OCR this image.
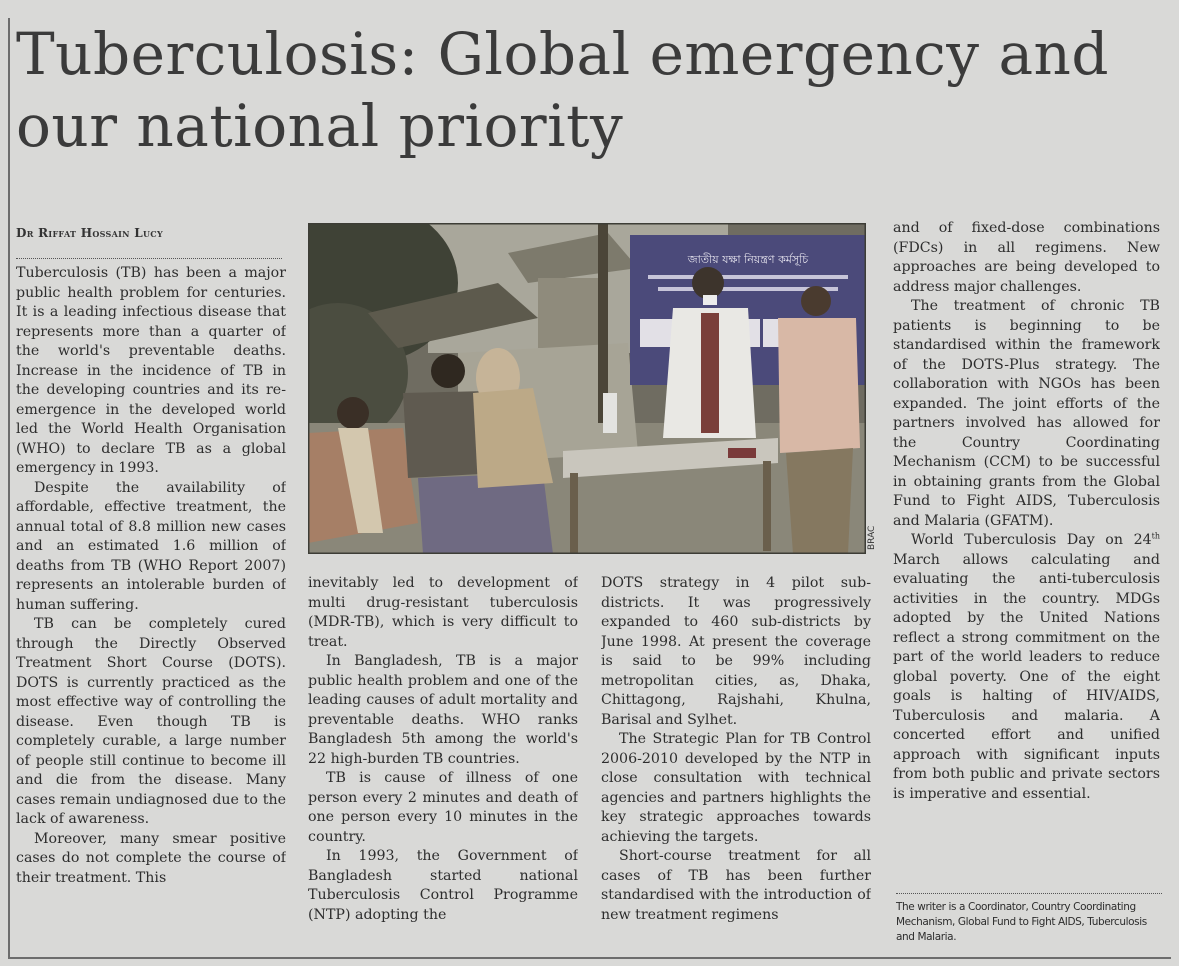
Tuberculosis: Global emergency and our national priority
Dr Riffat Hossain Lucy

Tuberculosis (TB) has been a major public health problem for centuries. It is a leading infectious disease that represents more than a quarter of the world's preventable deaths. Increase in the incidence of TB in the developing countries and its re-emergence in the developed world led the World Health Organisation (WHO) to declare TB as a global emergency in 1993.

Despite the availability of affordable, effective treatment, the annual total of 8.8 million new cases and an estimated 1.6 million of deaths from TB (WHO Report 2007) represents an intolerable burden of human suffering.

TB can be completely cured through the Directly Observed Treatment Short Course (DOTS). DOTS is currently practiced as the most effective way of controlling the disease. Even though TB is completely curable, a large number of people still continue to become ill and die from the disease. Many cases remain undiagnosed due to the lack of awareness.

Moreover, many smear positive cases do not complete the course of their treatment. This

জাতীয় যক্ষা নিয়ন্ত্রণ কর্মসূচি
BRAC

inevitably led to development of multi drug-resistant tuberculosis (MDR-TB), which is very difficult to treat.

In Bangladesh, TB is a major public health problem and one of the leading causes of adult mortality and preventable deaths. WHO ranks Bangladesh 5th among the world's 22 high-burden TB countries.

TB is cause of illness of one person every 2 minutes and death of one person every 10 minutes in the country.

In 1993, the Government of Bangladesh started national Tuberculosis Control Programme (NTP) adopting the

DOTS strategy in 4 pilot sub-districts. It was progressively expanded to 460 sub-districts by June 1998. At present the coverage is said to be 99% including metropolitan cities, as, Dhaka, Chittagong, Rajshahi, Khulna, Barisal and Sylhet.

The Strategic Plan for TB Control 2006-2010 developed by the NTP in close consultation with technical agencies and partners highlights the key strategic approaches towards achieving the targets.

Short-course treatment for all cases of TB has been further standardised with the introduction of new treatment regimens

and of fixed-dose combinations (FDCs) in all regimens. New approaches are being developed to address major challenges.

The treatment of chronic TB patients is beginning to be standardised within the framework of the DOTS-Plus strategy. The collaboration with NGOs has been expanded. The joint efforts of the partners involved has allowed for the Country Coordinating Mechanism (CCM) to be successful in obtaining grants from the Global Fund to Fight AIDS, Tuberculosis and Malaria (GFATM).

World Tuberculosis Day on 24th March allows calculating and evaluating the anti-tuberculosis activities in the country. MDGs adopted by the United Nations reflect a strong commitment on the part of the world leaders to reduce global poverty. One of the eight goals is halting of HIV/AIDS, Tuberculosis and malaria. A concerted effort and unified approach with significant inputs from both public and private sectors is imperative and essential.

The writer is a Coordinator, Country Coordinating Mechanism, Global Fund to Fight AIDS, Tuberculosis and Malaria.
